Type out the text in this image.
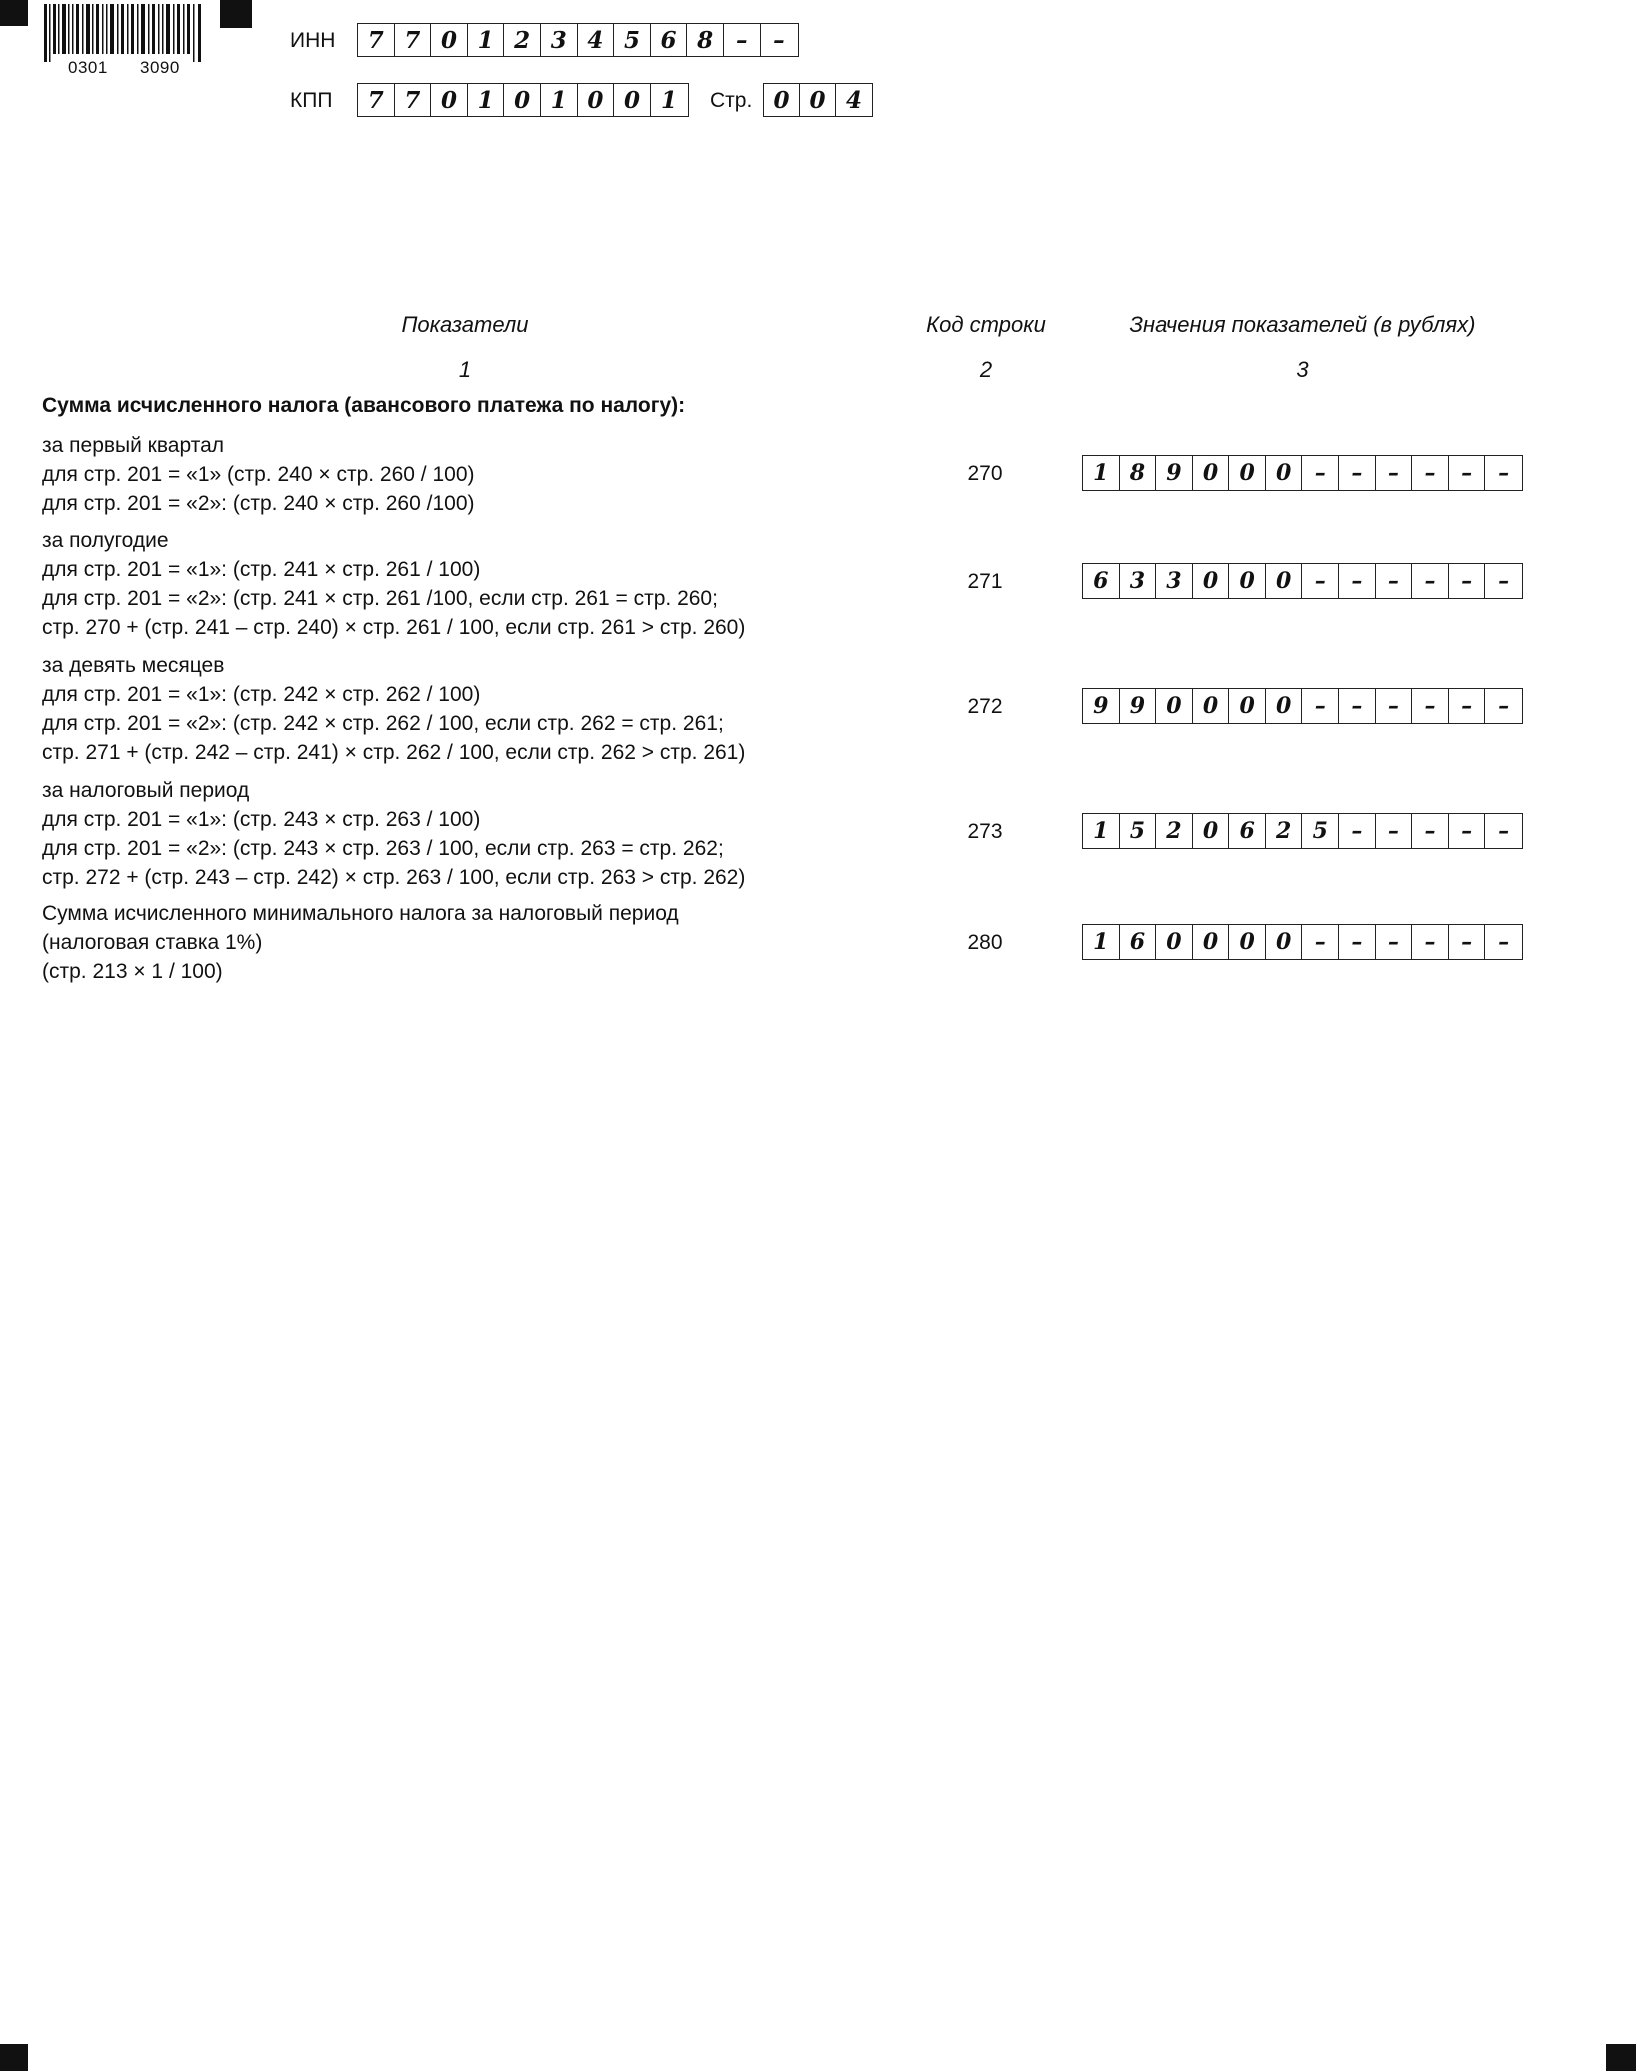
0301 3090
ИНН	7 7 0 1 2 3 4 5 6 8 –	–
КПП	7 7 0 1 0 1 0 0 1	Стр. 0 0 4
Показатели	Код строки	Значения показателей (в рублях)
1	2	3
Сумма исчисленного налога (авансового платежа по налогу):
за первый квартал
для стр. 201 = «1» (стр. 240 × стр. 260 / 100)
для стр. 201 = «2»: (стр. 240 × стр. 260 /100)
270	1 8 9 0 0 0	–	–	–	–	–	–
за полугодие
для стр. 201 = «1»: (стр. 241 × стр. 261 / 100)
для стр. 201 = «2»: (стр. 241 × стр. 261 /100, если стр. 261 = стр. 260;
стр. 270 + (стр. 241 – стр. 240) × стр. 261 / 100, если стр. 261 > стр. 260)
271	6 3 3 0 0 0	–	–	–	–	–	–
за девять месяцев
для стр. 201 = «1»: (стр. 242 × стр. 262 / 100)
для стр. 201 = «2»: (стр. 242 × стр. 262 / 100, если стр. 262 = стр. 261;
стр. 271 + (стр. 242 – стр. 241) × стр. 262 / 100, если стр. 262 > стр. 261)
272	9 9 0 0 0 0	–	–	–	–	–	–
за налоговый период
для стр. 201 = «1»: (стр. 243 × стр. 263 / 100)
для стр. 201 = «2»: (стр. 243 × стр. 263 / 100, если стр. 263 = стр. 262;
стр. 272 + (стр. 243 – стр. 242) × стр. 263 / 100, если стр. 263 > стр. 262)
273	1 5 2 0 6 2 5	–	–	–	–	–
Сумма исчисленного минимального налога за налоговый период
(налоговая ставка 1%)
(стр. 213 × 1 / 100)
280	1 6 0 0 0 0	–	–	–	–	–	–
